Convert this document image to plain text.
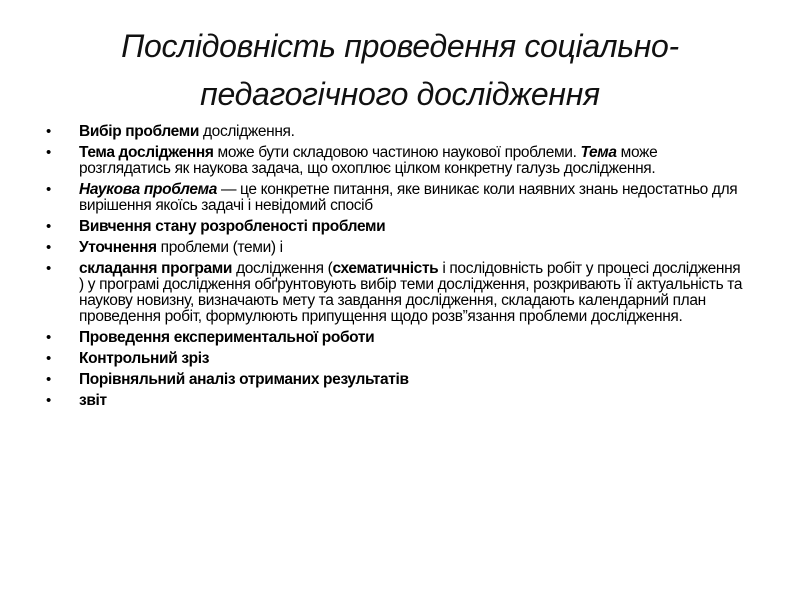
Послідовність проведення соціально-
педагогічного дослідження
•	Вибір проблеми дослідження.
•	Тема дослідження може бути складовою частиною наукової проблеми. Тема може розглядатись як наукова задача, що охоплює цілком конкретну галузь дослідження.
•	Наукова проблема — це конкретне питання, яке виникає коли наявних знань недостатньо для вирішення якоїсь задачі і невідомий спосіб
•	Вивчення стану розробленості проблеми
•	Уточнення проблеми (теми) і
•	складання програми дослідження (схематичність і послідовність робіт у процесі дослідження ) у програмі дослідження обґрунтовують вибір теми дослідження, розкривають її актуальність та наукову новизну, визначають мету та завдання дослідження, складають календарний план проведення робіт, формулюють припущення щодо розв”язання проблеми дослідження.
•	Проведення експериментальної роботи
•	Контрольний зріз
•	Порівняльний аналіз отриманих результатів
•	звіт
